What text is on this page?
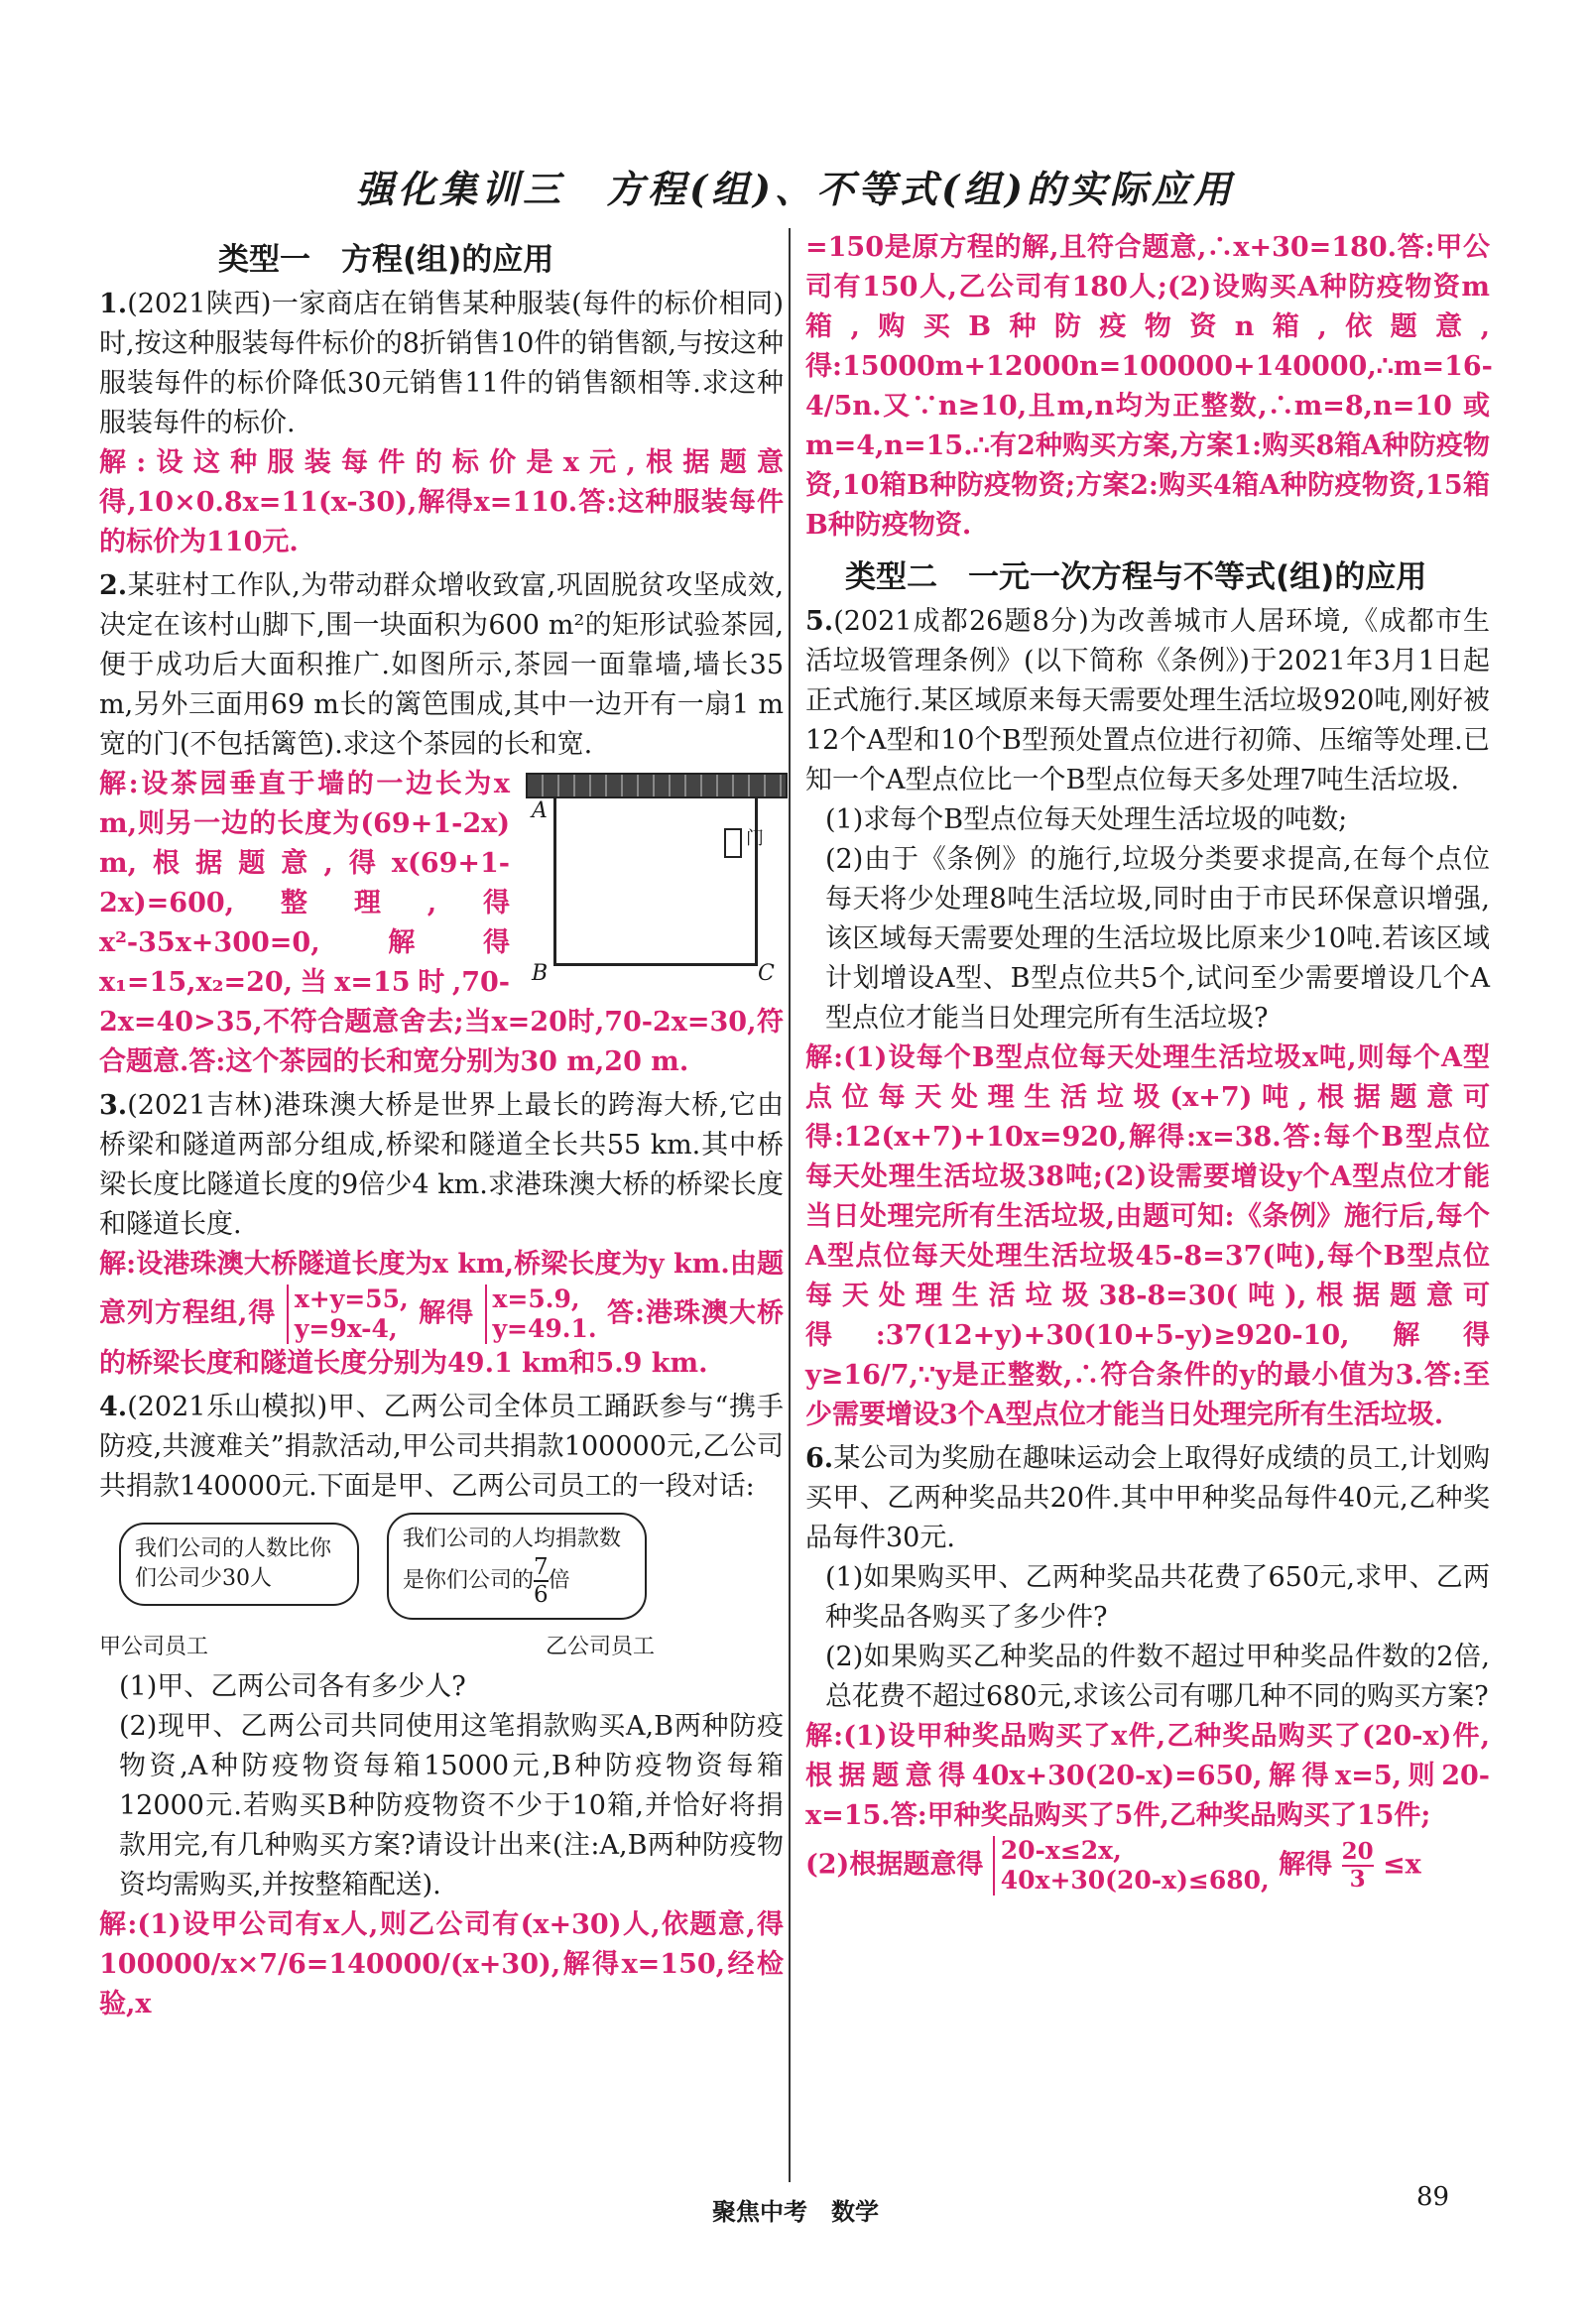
强化集训三　方程(组)、不等式(组)的实际应用
类型一　方程(组)的应用

1.(2021陕西)一家商店在销售某种服装(每件的标价相同)时,按这种服装每件标价的8折销售10件的销售额,与按这种服装每件的标价降低30元销售11件的销售额相等.求这种服装每件的标价.

解:设这种服装每件的标价是x元,根据题意得,10×0.8x=11(x-30),解得x=110.答:这种服装每件的标价为110元.

2.某驻村工作队,为带动群众增收致富,巩固脱贫攻坚成效,决定在该村山脚下,围一块面积为600 m²的矩形试验茶园,便于成功后大面积推广.如图所示,茶园一面靠墙,墙长35 m,另外三面用69 m长的篱笆围成,其中一边开有一扇1 m宽的门(不包括篱笆).求这个茶园的长和宽.

A
B	C
门

解:设茶园垂直于墙的一边长为x m,则另一边的长度为(69+1-2x) m,根据题意,得x(69+1-2x)=600,整理,得x²-35x+300=0,解得x₁=15,x₂=20,当x=15时,70-2x=40>35,不符合题意舍去;当x=20时,70-2x=30,符合题意.答:这个茶园的长和宽分别为30 m,20 m.

3.(2021吉林)港珠澳大桥是世界上最长的跨海大桥,它由桥梁和隧道两部分组成,桥梁和隧道全长共55 km.其中桥梁长度比隧道长度的9倍少4 km.求港珠澳大桥的桥梁长度和隧道长度.

解:设港珠澳大桥隧道长度为x km,桥梁长度为y km.由题意列方程组,得 x+y=55,
y=9x-4, 解得 x=5.9,
y=49.1. 答:港珠澳大桥的桥梁长度和隧道长度分别为49.1 km和5.9 km.

4.(2021乐山模拟)甲、乙两公司全体员工踊跃参与“携手防疫,共渡难关”捐款活动,甲公司共捐款100000元,乙公司共捐款140000元.下面是甲、乙两公司员工的一段对话:

我们公司的人数比你们公司少30人
我们公司的人均捐款数是你们公司的 $\frac{7}{6}$ 倍
甲公司员工	乙公司员工

(1)甲、乙两公司各有多少人?

(2)现甲、乙两公司共同使用这笔捐款购买A,B两种防疫物资,A种防疫物资每箱15000元,B种防疫物资每箱12000元.若购买B种防疫物资不少于10箱,并恰好将捐款用完,有几种购买方案?请设计出来(注:A,B两种防疫物资均需购买,并按整箱配送).

解:(1)设甲公司有x人,则乙公司有(x+30)人,依题意,得100000/x×7/6=140000/(x+30),解得x=150,经检验,x

=150是原方程的解,且符合题意,∴x+30=180.答:甲公司有150人,乙公司有180人;(2)设购买A种防疫物资m箱,购买B种防疫物资n箱,依题意,得:15000m+12000n=100000+140000,∴m=16-4/5n.又∵n≥10,且m,n均为正整数,∴m=8,n=10 或 m=4,n=15.∴有2种购买方案,方案1:购买8箱A种防疫物资,10箱B种防疫物资;方案2:购买4箱A种防疫物资,15箱B种防疫物资.

类型二　一元一次方程与不等式(组)的应用

5.(2021成都26题8分)为改善城市人居环境,《成都市生活垃圾管理条例》(以下简称《条例》)于2021年3月1日起正式施行.某区域原来每天需要处理生活垃圾920吨,刚好被12个A型和10个B型预处置点位进行初筛、压缩等处理.已知一个A型点位比一个B型点位每天多处理7吨生活垃圾.

(1)求每个B型点位每天处理生活垃圾的吨数;

(2)由于《条例》的施行,垃圾分类要求提高,在每个点位每天将少处理8吨生活垃圾,同时由于市民环保意识增强,该区域每天需要处理的生活垃圾比原来少10吨.若该区域计划增设A型、B型点位共5个,试问至少需要增设几个A型点位才能当日处理完所有生活垃圾?

解:(1)设每个B型点位每天处理生活垃圾x吨,则每个A型点位每天处理生活垃圾(x+7)吨,根据题意可得:12(x+7)+10x=920,解得:x=38.答:每个B型点位每天处理生活垃圾38吨;(2)设需要增设y个A型点位才能当日处理完所有生活垃圾,由题可知:《条例》施行后,每个A型点位每天处理生活垃圾45-8=37(吨),每个B型点位每天处理生活垃圾38-8=30(吨),根据题意可得:37(12+y)+30(10+5-y)≥920-10,解得y≥16/7,∵y是正整数,∴符合条件的y的最小值为3.答:至少需要增设3个A型点位才能当日处理完所有生活垃圾.

6.某公司为奖励在趣味运动会上取得好成绩的员工,计划购买甲、乙两种奖品共20件.其中甲种奖品每件40元,乙种奖品每件30元.

(1)如果购买甲、乙两种奖品共花费了650元,求甲、乙两种奖品各购买了多少件?

(2)如果购买乙种奖品的件数不超过甲种奖品件数的2倍,总花费不超过680元,求该公司有哪几种不同的购买方案?

解:(1)设甲种奖品购买了x件,乙种奖品购买了(20-x)件,根据题意得40x+30(20-x)=650,解得x=5,则20-x=15.答:甲种奖品购买了5件,乙种奖品购买了15件;

(2)根据题意得 20-x≤2x,
40x+30(20-x)≤680, 解得 $\frac{20}{3} \le x$

聚焦中考　数学	89
